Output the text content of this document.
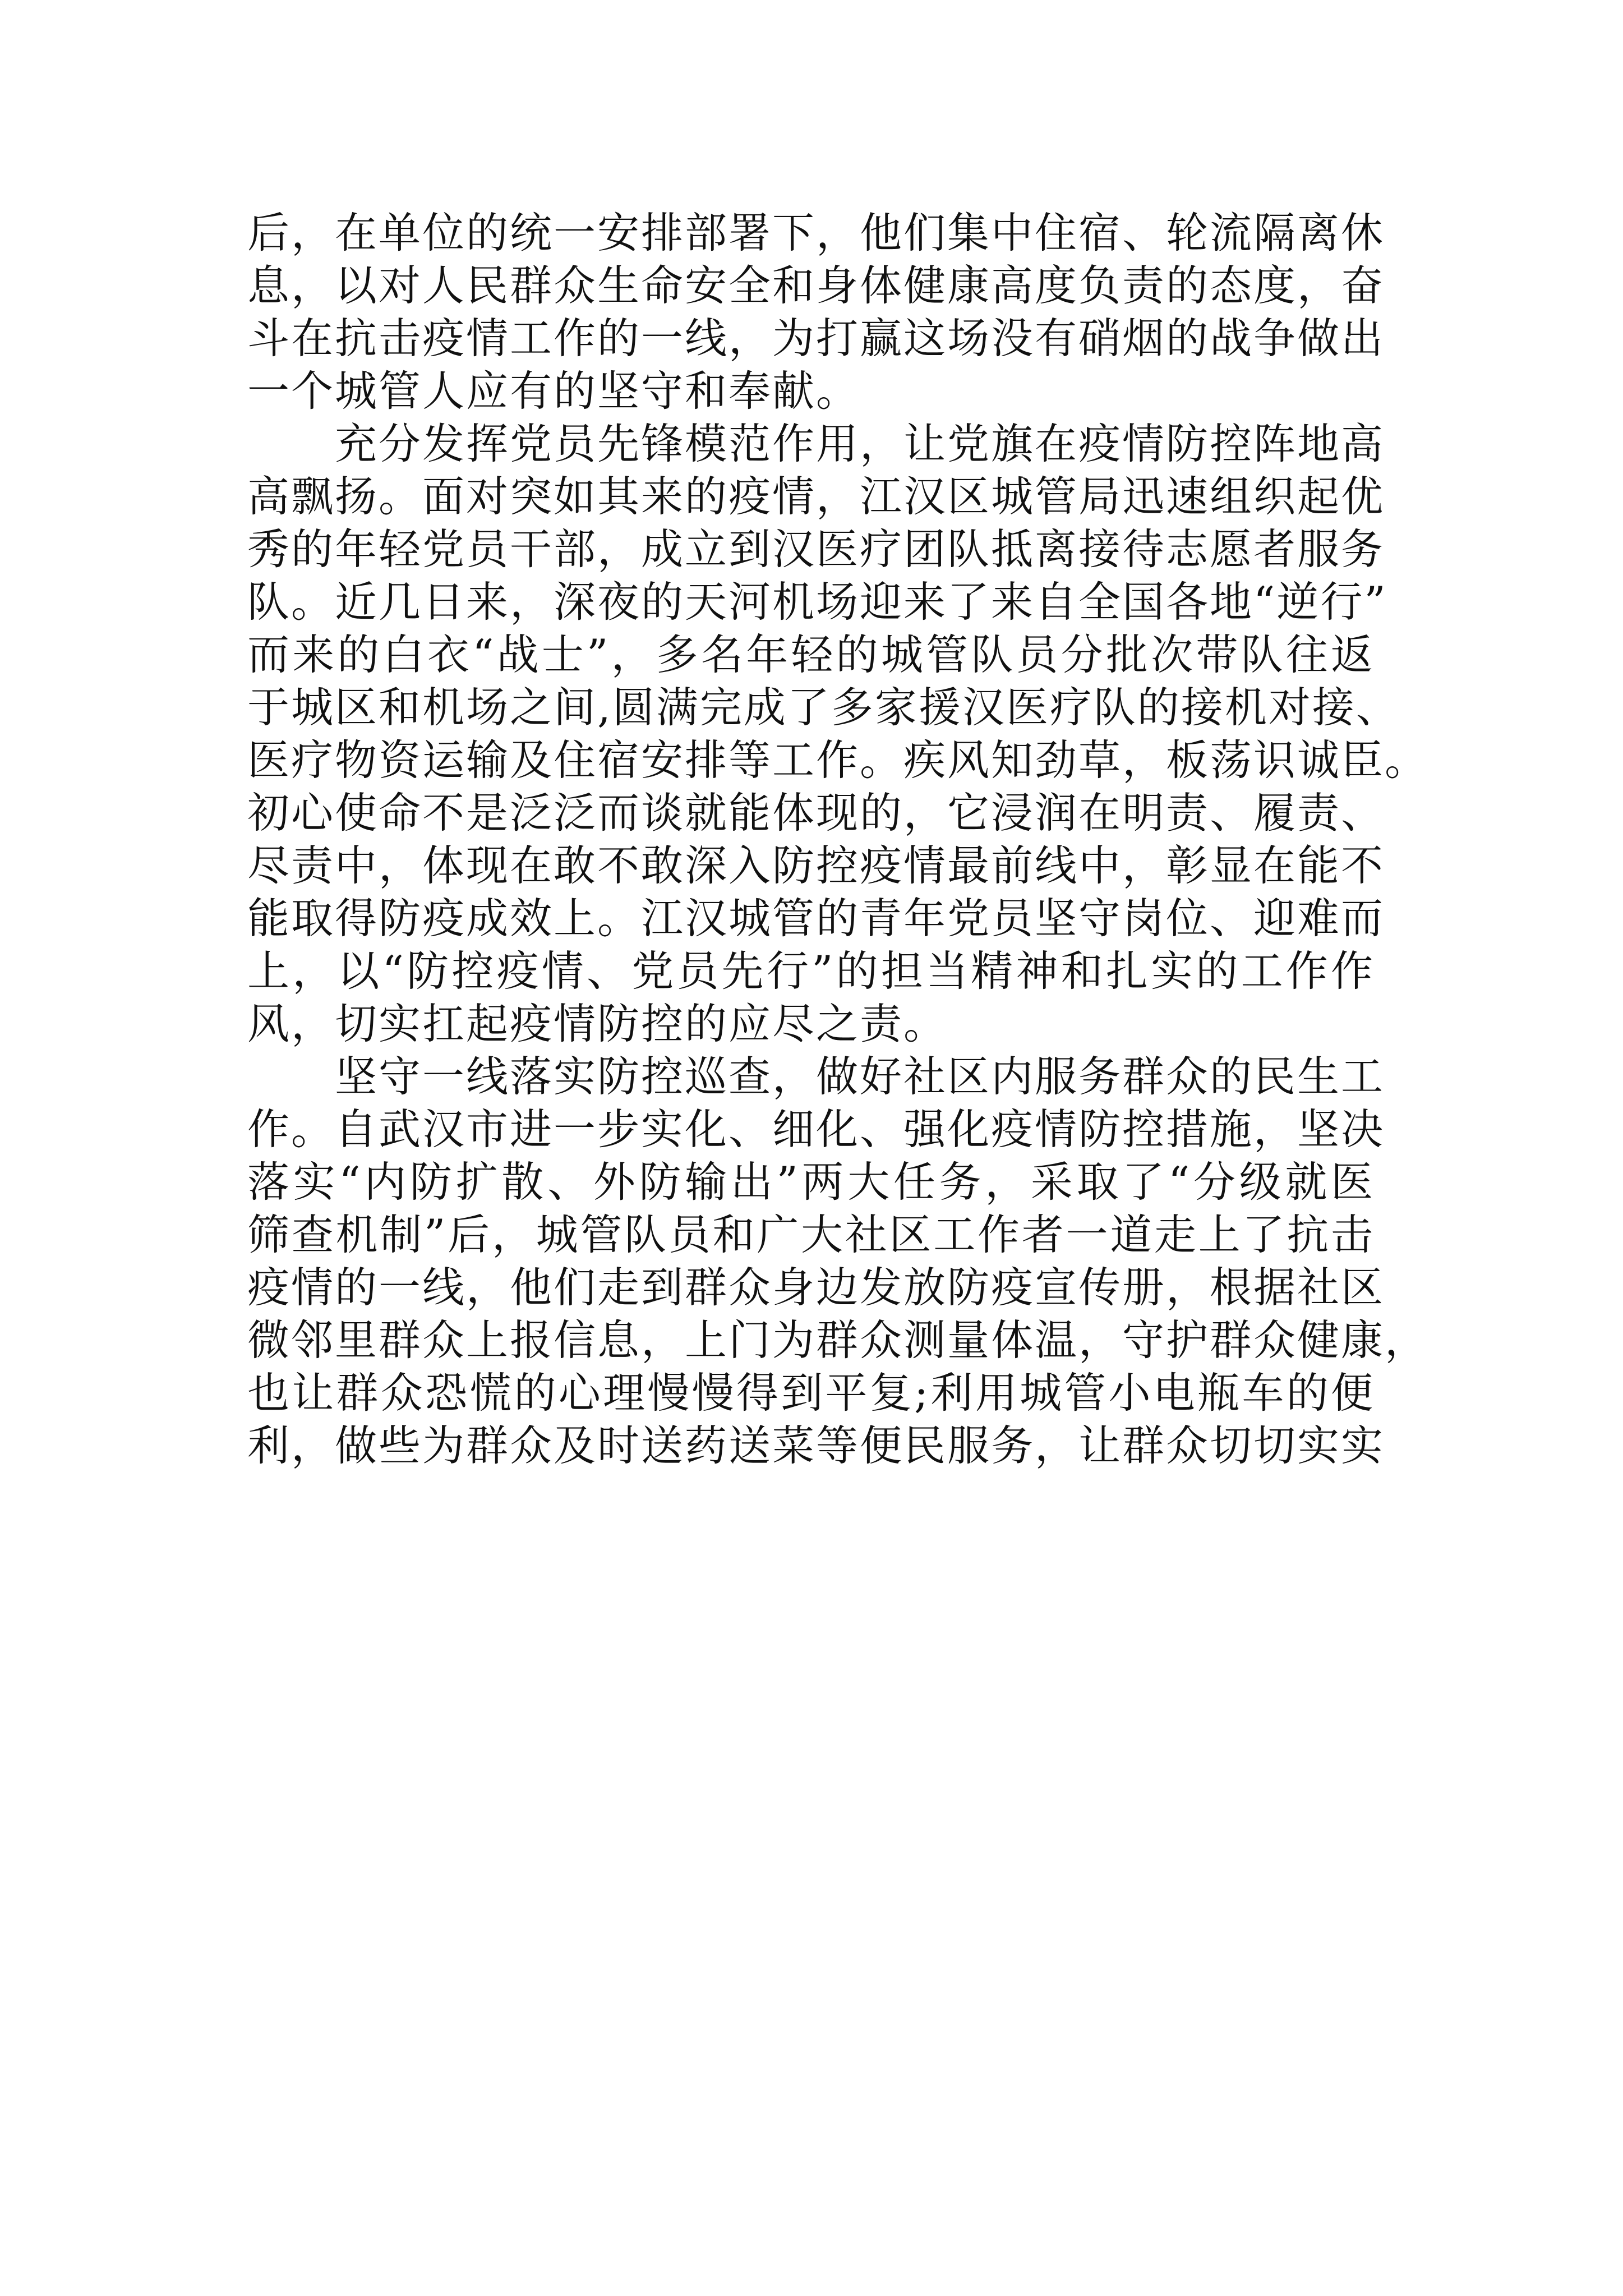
后，在单位的统一安排部署下，他们集中住宿、轮流隔离休
息，以对人民群众生命安全和身体健康高度负责的态度，奋
斗在抗击疫情工作的一线，为打赢这场没有硝烟的战争做出
一个城管人应有的坚守和奉献。
　　充分发挥党员先锋模范作用，让党旗在疫情防控阵地高
高飘扬。面对突如其来的疫情，江汉区城管局迅速组织起优
秀的年轻党员干部，成立到汉医疗团队抵离接待志愿者服务
队。近几日来，深夜的天河机场迎来了来自全国各地“逆行”
而来的白衣“战士”，多名年轻的城管队员分批次带队往返
于城区和机场之间,圆满完成了多家援汉医疗队的接机对接、
医疗物资运输及住宿安排等工作。疾风知劲草，板荡识诚臣。
初心使命不是泛泛而谈就能体现的，它浸润在明责、履责、
尽责中，体现在敢不敢深入防控疫情最前线中，彰显在能不
能取得防疫成效上。江汉城管的青年党员坚守岗位、迎难而
上，以“防控疫情、党员先行”的担当精神和扎实的工作作
风，切实扛起疫情防控的应尽之责。
　　坚守一线落实防控巡查，做好社区内服务群众的民生工
作。自武汉市进一步实化、细化、强化疫情防控措施，坚决
落实“内防扩散、外防输出”两大任务，采取了“分级就医
筛查机制”后，城管队员和广大社区工作者一道走上了抗击
疫情的一线，他们走到群众身边发放防疫宣传册，根据社区
微邻里群众上报信息，上门为群众测量体温，守护群众健康，
也让群众恐慌的心理慢慢得到平复;利用城管小电瓶车的便
利，做些为群众及时送药送菜等便民服务，让群众切切实实
